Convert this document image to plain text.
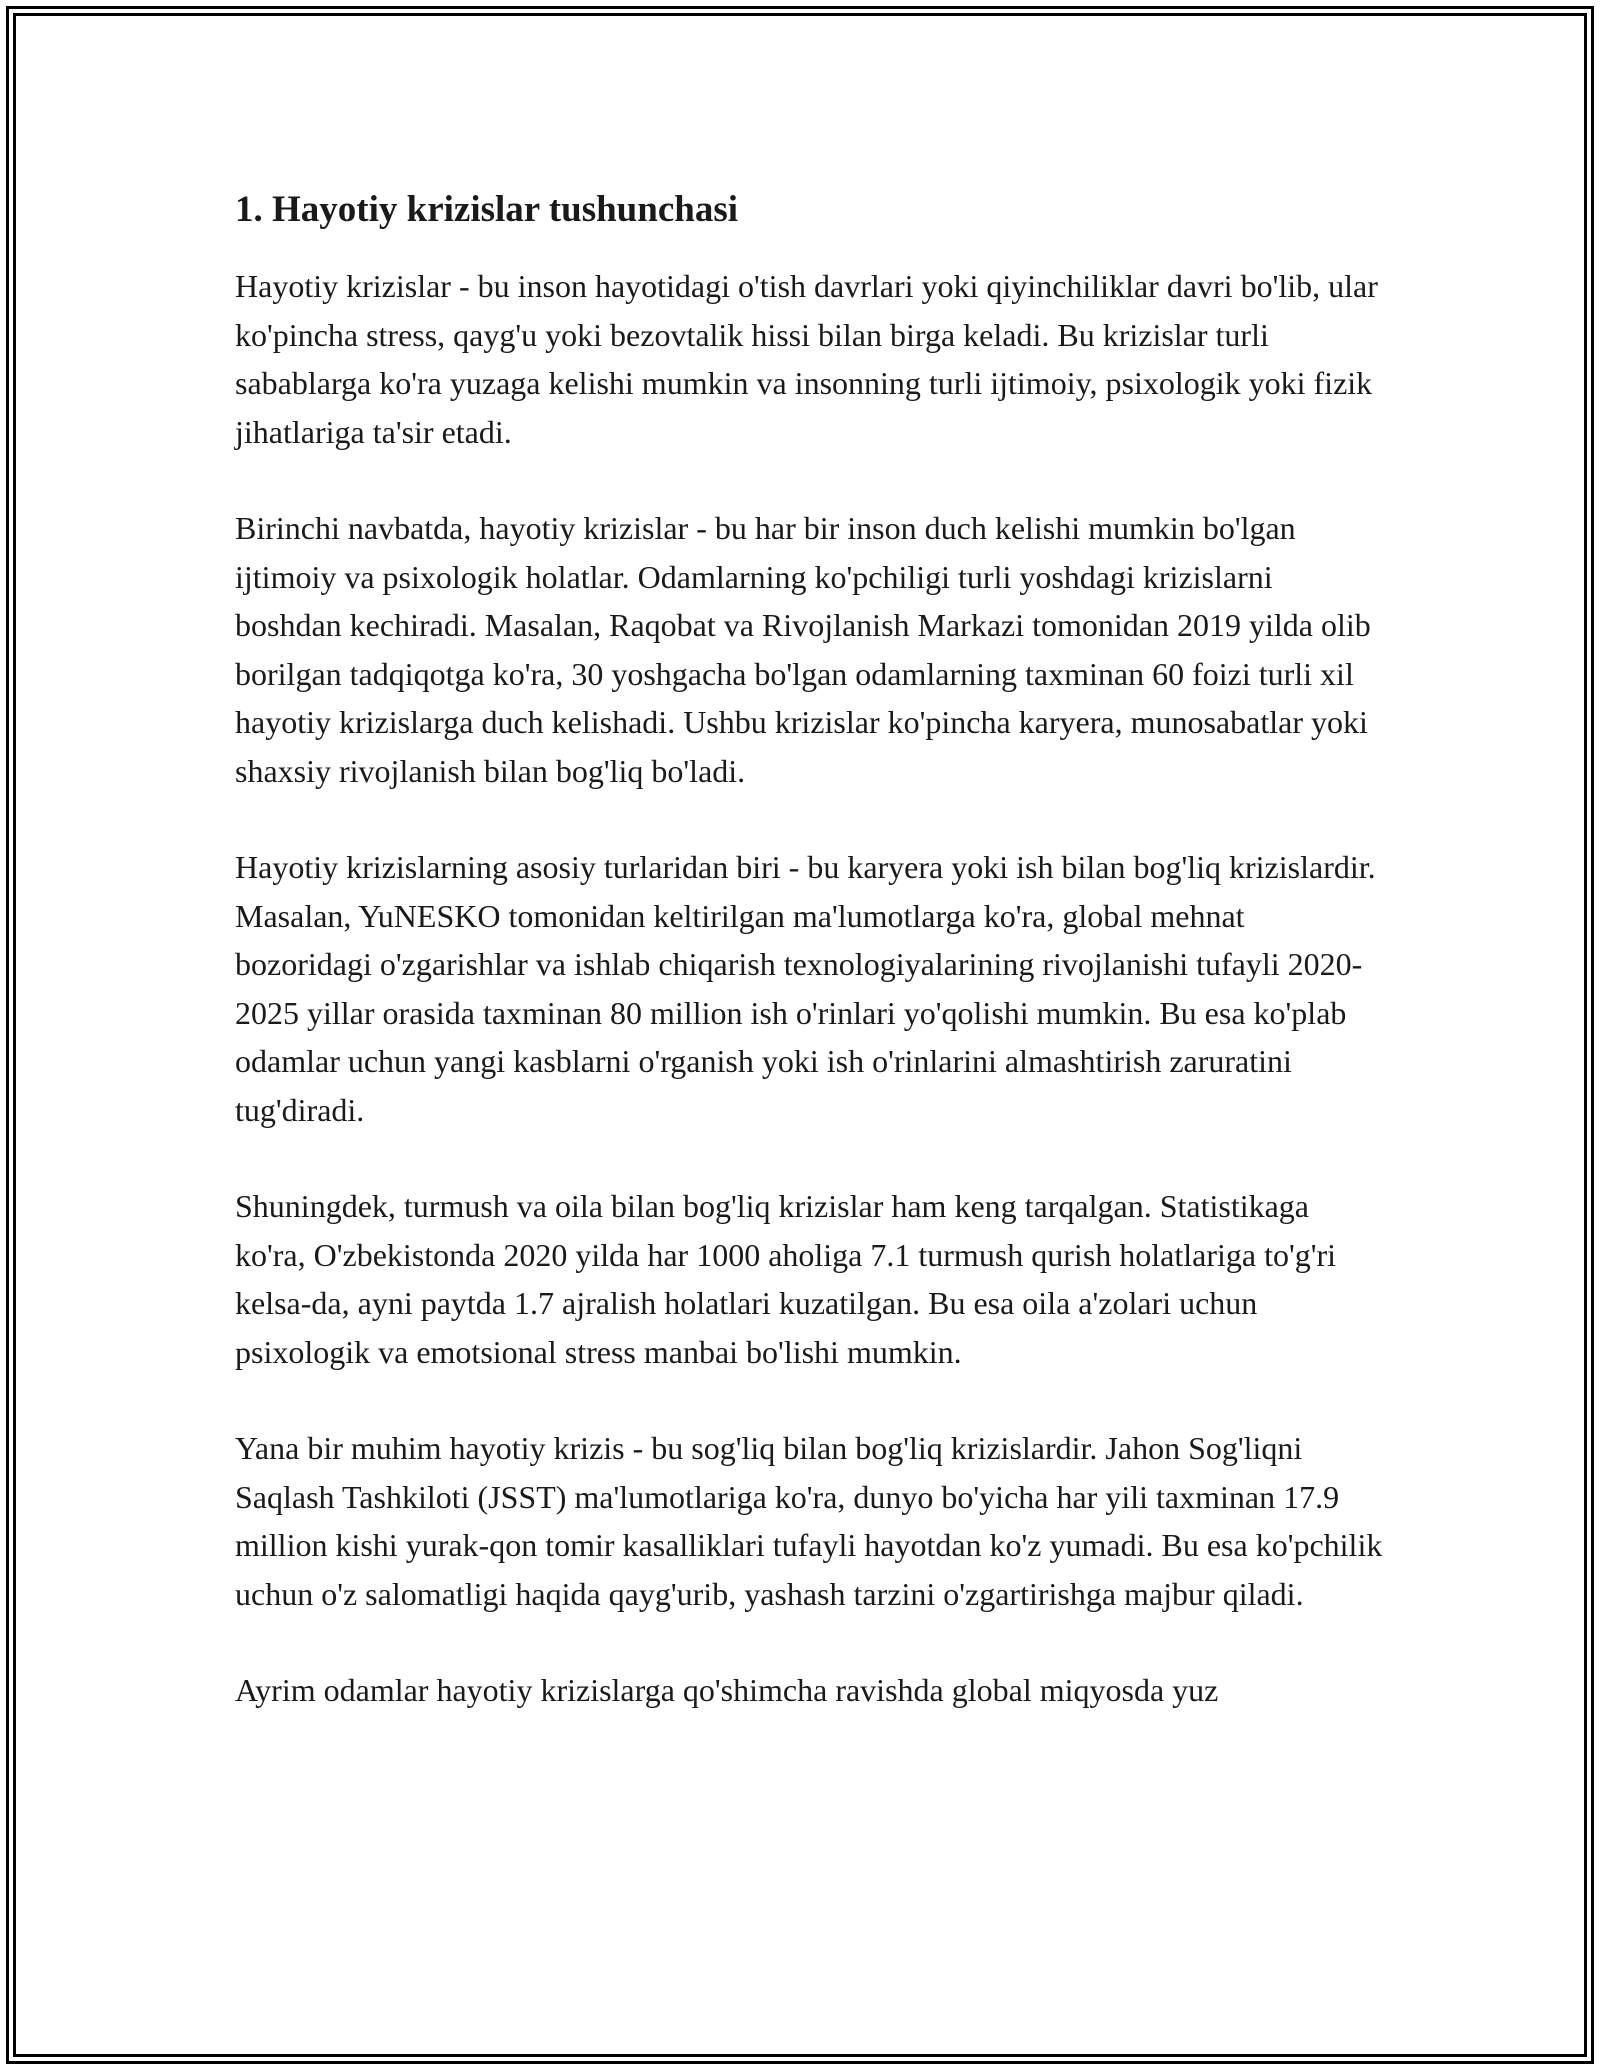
1. Hayotiy krizislar tushunchasi

Hayotiy krizislar - bu inson hayotidagi o'tish davrlari yoki qiyinchiliklar davri bo'lib, ular ko'pincha stress, qayg'u yoki bezovtalik hissi bilan birga keladi. Bu krizislar turli sabablarga ko'ra yuzaga kelishi mumkin va insonning turli ijtimoiy, psixologik yoki fizik jihatlariga ta'sir etadi.

Birinchi navbatda, hayotiy krizislar - bu har bir inson duch kelishi mumkin bo'lgan ijtimoiy va psixologik holatlar. Odamlarning ko'pchiligi turli yoshdagi krizislarni boshdan kechiradi. Masalan, Raqobat va Rivojlanish Markazi tomonidan 2019 yilda olib borilgan tadqiqotga ko'ra, 30 yoshgacha bo'lgan odamlarning taxminan 60 foizi turli xil hayotiy krizislarga duch kelishadi. Ushbu krizislar ko'pincha karyera, munosabatlar yoki shaxsiy rivojlanish bilan bog'liq bo'ladi.

Hayotiy krizislarning asosiy turlaridan biri - bu karyera yoki ish bilan bog'liq krizislardir. Masalan, YuNESKO tomonidan keltirilgan ma'lumotlarga ko'ra, global mehnat bozoridagi o'zgarishlar va ishlab chiqarish texnologiyalarining rivojlanishi tufayli 2020-2025 yillar orasida taxminan 80 million ish o'rinlari yo'qolishi mumkin. Bu esa ko'plab odamlar uchun yangi kasblarni o'rganish yoki ish o'rinlarini almashtirish zaruratini tug'diradi.

Shuningdek, turmush va oila bilan bog'liq krizislar ham keng tarqalgan. Statistikaga ko'ra, O'zbekistonda 2020 yilda har 1000 aholiga 7.1 turmush qurish holatlariga to'g'ri kelsa-da, ayni paytda 1.7 ajralish holatlari kuzatilgan. Bu esa oila a'zolari uchun psixologik va emotsional stress manbai bo'lishi mumkin.

Yana bir muhim hayotiy krizis - bu sog'liq bilan bog'liq krizislardir. Jahon Sog'liqni Saqlash Tashkiloti (JSST) ma'lumotlariga ko'ra, dunyo bo'yicha har yili taxminan 17.9 million kishi yurak-qon tomir kasalliklari tufayli hayotdan ko'z yumadi. Bu esa ko'pchilik uchun o'z salomatligi haqida qayg'urib, yashash tarzini o'zgartirishga majbur qiladi.

Ayrim odamlar hayotiy krizislarga qo'shimcha ravishda global miqyosda yuz
